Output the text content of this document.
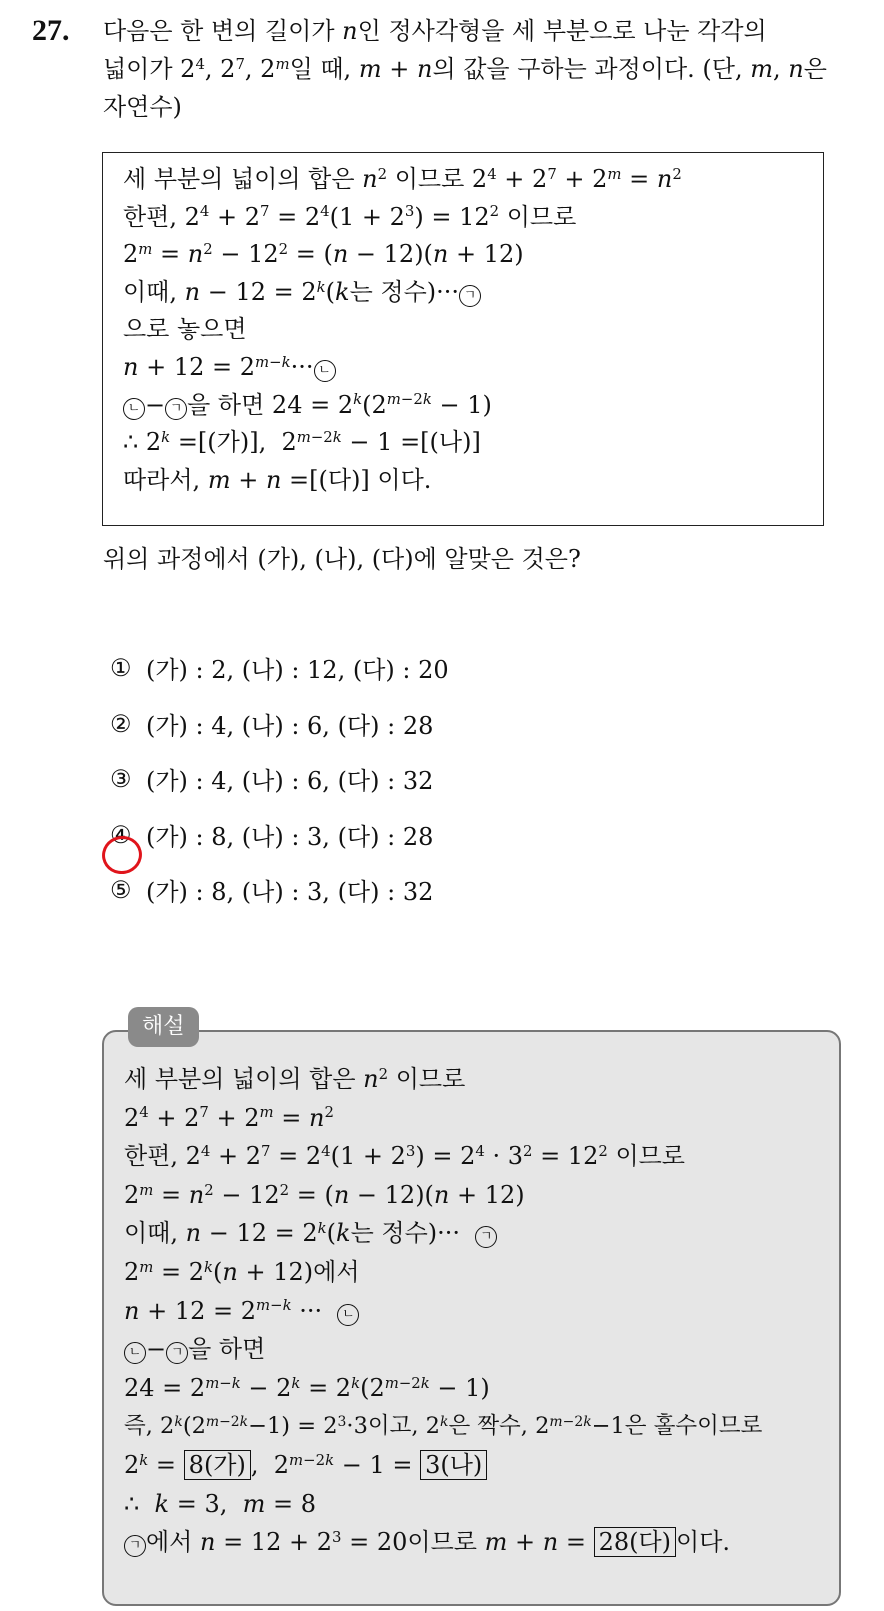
27. 다음은 한 변의 길이가 n인 정사각형을 세 부분으로 나눈 각각의

넓이가 $2^4$, $2^7$, 2$^m$일 때, m + n의 값을 구하는 과정이다. (단, m, n은

자연수)

세 부분의 넓이의 합은 $n^2$ 이므로 $2^4 + 2^7 + 2^m = n^2$

한편, $2^4 + 2^7 = 2^4(1 + 2^3) = 12^2$ 이므로

$2^m = n^2 - 12^2 = (n - 12)(n + 12)$

이때, $n - 12 = 2^k(k$는 정수)··· ㄱ

으로 놓으면

$n + 12 = 2^{m-k}\cdot\cdot\cdot$ ㄴ

ㄴ − ㄱ 을 하면 $24 = 2^k(2^{m-2k} - 1)$

∴ $2^k$ =[(가)],  $2^{m-2k} - 1$ =[(나)]

따라서, m + n =[(다)] 이다.

위의 과정에서 (가), (나), (다)에 알맞은 것은?
① (가) : 2, (나) : 12, (다) : 20
② (가) : 4, (나) : 6, (다) : 28
③ (가) : 4, (나) : 6, (다) : 32
④ (가) : 8, (나) : 3, (다) : 28
⑤ (가) : 8, (나) : 3, (다) : 32

세 부분의 넓이의 합은 $n^2$ 이므로

$2^4 + 2^7 + 2^m = n^2$

한편, $2^4 + 2^7 = 2^4(1 + 2^3) = 2^4 \cdot 3^2 = 12^2$ 이므로

$2^m = n^2 - 12^2 = (n - 12)(n + 12)$

이때, $n - 12 = 2^k(k$는 정수)···  ㄱ

$2^m = 2^k(n + 12)$에서

$n + 12 = 2^{m-k}$ ···  ㄴ

ㄴ − ㄱ 을 하면

$24 = 2^{m-k} - 2^k = 2^k(2^{m-2k} - 1)$

즉, $2^k(2^{m-2k}-1) = 2^3\cdot 3$이고, 2$^k$은 짝수, $2^{m-2k}-1$은 홀수이므로

$2^k = 8$(가) ,  $2^{m-2k} - 1 = 3$(나)

∴  k = 3,  m = 8

ㄱ 에서 $n = 12 + 2^3 = 20$이므로 m + n = 28(다) 이다.

해설
